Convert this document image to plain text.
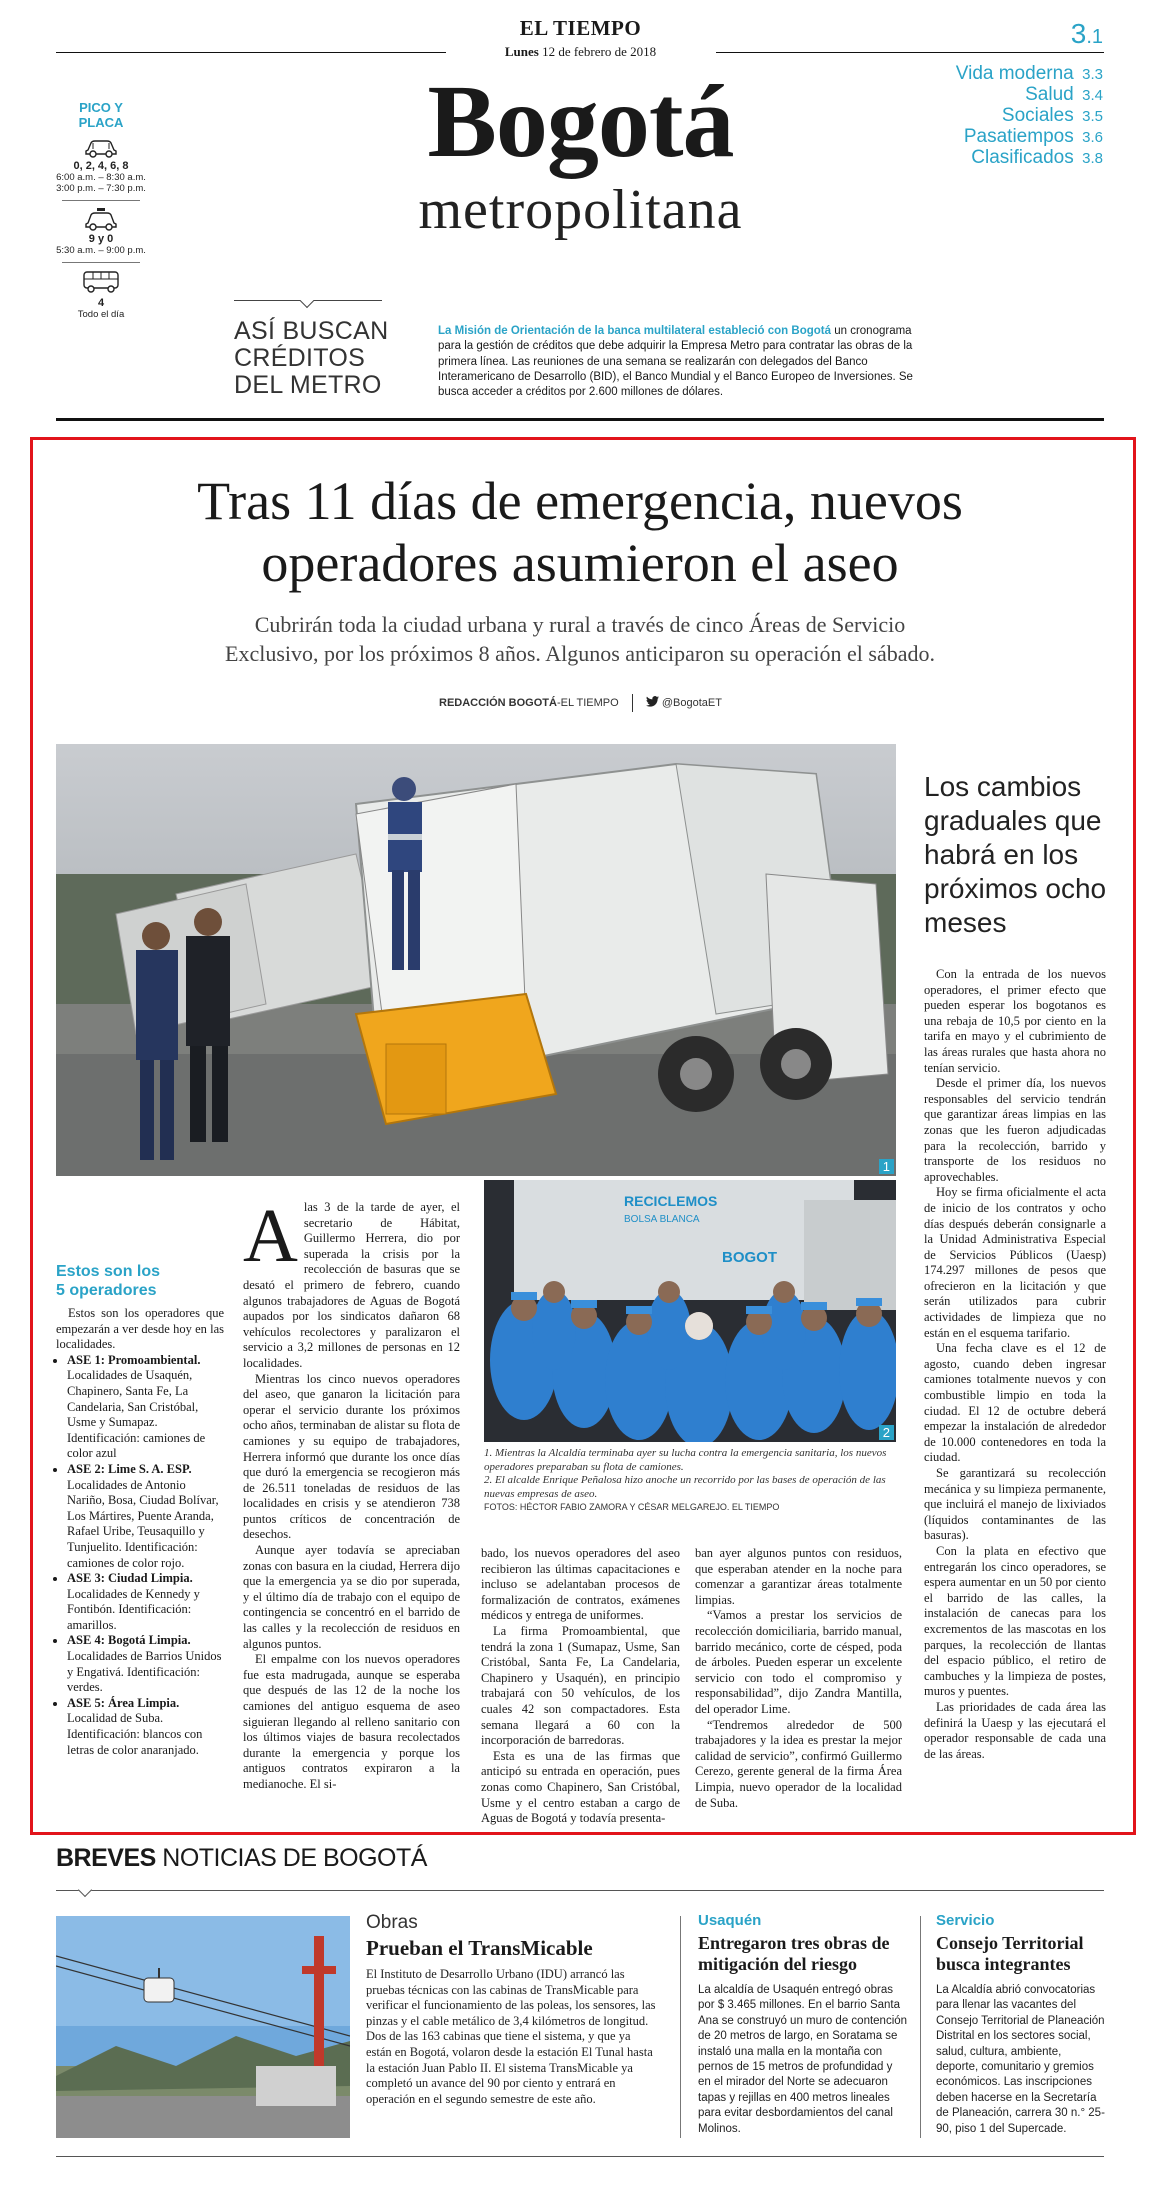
EL TIEMPO
Lunes 12 de febrero de 2018
3.1
Bogotá
metropolitana
Vida moderna 3.3
Salud 3.4
Sociales 3.5
Pasatiempos 3.6
Clasificados 3.8
PICO Y PLACA
0, 2, 4, 6, 8
6:00 a.m. – 8:30 a.m.
3:00 p.m. – 7:30 p.m.
9 y 0
5:30 a.m. – 9:00 p.m.
4
Todo el día
ASÍ BUSCAN
CRÉDITOS
DEL METRO
La Misión de Orientación de la banca multilateral estableció con Bogotá un cronograma para la gestión de créditos que debe adquirir la Empresa Metro para contratar las obras de la primera línea. Las reuniones de una semana se realizarán con delegados del Banco Interamericano de Desarrollo (BID), el Banco Mundial y el Banco Europeo de Inversiones. Se busca acceder a créditos por 2.600 millones de dólares.
Tras 11 días de emergencia, nuevos
operadores asumieron el aseo
Cubrirán toda la ciudad urbana y rural a través de cinco Áreas de Servicio
Exclusivo, por los próximos 8 años. Algunos anticiparon su operación el sábado.
REDACCIÓN BOGOTÁ-EL TIEMPO	@BogotaET
1
RECICLEMOS
BOLSA BLANCA
BOGOT
2
1. Mientras la Alcaldía terminaba ayer su lucha contra la emergencia sanitaria, los nuevos operadores preparaban su flota de camiones.
2. El alcalde Enrique Peñalosa hizo anoche un recorrido por las bases de operación de las nuevas empresas de aseo.
FOTOS: HÉCTOR FABIO ZAMORA Y CÉSAR MELGAREJO. EL TIEMPO
Los cambios graduales que habrá en los próximos ocho meses

Con la entrada de los nuevos operadores, el primer efecto que pueden esperar los bogotanos es una rebaja de 10,5 por ciento en la tarifa en mayo y el cubrimiento de las áreas rurales que hasta ahora no tenían servicio.

Desde el primer día, los nuevos responsables del servicio tendrán que garantizar áreas limpias en las zonas que les fueron adjudicadas para la recolección, barrido y transporte de los residuos no aprovechables.

Hoy se firma oficialmente el acta de inicio de los contratos y ocho días después deberán consignarle a la Unidad Administrativa Especial de Servicios Públicos (Uaesp) 174.297 millones de pesos que ofrecieron en la licitación y que serán utilizados para cubrir actividades de limpieza que no están en el esquema tarifario.

Una fecha clave es el 12 de agosto, cuando deben ingresar camiones totalmente nuevos y con combustible limpio en toda la ciudad. El 12 de octubre deberá empezar la instalación de alrededor de 10.000 contenedores en toda la ciudad.

Se garantizará su recolección mecánica y su limpieza permanente, que incluirá el manejo de lixiviados (líquidos contaminantes de las basuras).

Con la plata en efectivo que entregarán los cinco operadores, se espera aumentar en un 50 por ciento el barrido de las calles, la instalación de canecas para los excrementos de las mascotas en los parques, la recolección de llantas del espacio público, el retiro de cambuches y la limpieza de postes, muros y puentes.

Las prioridades de cada área las definirá la Uaesp y las ejecutará el operador responsable de cada una de las áreas.

Estos son los
5 operadores

Estos son los operadores que empezarán a ver desde hoy en las localidades.

• ASE 1: Promoambiental. Localidades de Usaquén, Chapinero, Santa Fe, La Candelaria, San Cristóbal, Usme y Sumapaz. Identificación: camiones de color azul
• ASE 2: Lime S. A. ESP. Localidades de Antonio Nariño, Bosa, Ciudad Bolívar, Los Mártires, Puente Aranda, Rafael Uribe, Teusaquillo y Tunjuelito. Identificación: camiones de color rojo.
• ASE 3: Ciudad Limpia. Localidades de Kennedy y Fontibón. Identificación: amarillos.
• ASE 4: Bogotá Limpia. Localidades de Barrios Unidos y Engativá. Identificación: verdes.
• ASE 5: Área Limpia. Localidad de Suba. Identificación: blancos con letras de color anaranjado.
A las 3 de la tarde de ayer, el secretario de Hábitat, Guillermo Herrera, dio por superada la crisis por la recolección de basuras que se desató el primero de febrero, cuando algunos trabajadores de Aguas de Bogotá aupados por los sindicatos dañaron 68 vehículos recolectores y paralizaron el servicio a 3,2 millones de personas en 12 localidades.

Mientras los cinco nuevos operadores del aseo, que ganaron la licitación para operar el servicio durante los próximos ocho años, terminaban de alistar su flota de camiones y su equipo de trabajadores, Herrera informó que durante los once días que duró la emergencia se recogieron más de 26.511 toneladas de residuos de las localidades en crisis y se atendieron 738 puntos críticos de concentración de desechos.

Aunque ayer todavía se apreciaban zonas con basura en la ciudad, Herrera dijo que la emergencia ya se dio por superada, y el último día de trabajo con el equipo de contingencia se concentró en el barrido de las calles y la recolección de residuos en algunos puntos.

El empalme con los nuevos operadores fue esta madrugada, aunque se esperaba que después de las 12 de la noche los camiones del antiguo esquema de aseo siguieran llegando al relleno sanitario con los últimos viajes de basura recolectados durante la emergencia y porque los antiguos contratos expiraron a la medianoche. El si-

bado, los nuevos operadores del aseo recibieron las últimas capacitaciones e incluso se adelantaban procesos de formalización de contratos, exámenes médicos y entrega de uniformes.

La firma Promoambiental, que tendrá la zona 1 (Sumapaz, Usme, San Cristóbal, Santa Fe, La Candelaria, Chapinero y Usaquén), en principio trabajará con 50 vehículos, de los cuales 42 son compactadores. Esta semana llegará a 60 con la incorporación de barredoras.

Esta es una de las firmas que anticipó su entrada en operación, pues zonas como Chapinero, San Cristóbal, Usme y el centro estaban a cargo de Aguas de Bogotá y todavía presenta-

ban ayer algunos puntos con residuos, que esperaban atender en la noche para comenzar a garantizar áreas totalmente limpias.

“Vamos a prestar los servicios de recolección domiciliaria, barrido manual, barrido mecánico, corte de césped, poda de árboles. Pueden esperar un excelente servicio con todo el compromiso y responsabilidad”, dijo Zandra Mantilla, del operador Lime.

“Tendremos alrededor de 500 trabajadores y la idea es prestar la mejor calidad de servicio”, confirmó Guillermo Cerezo, gerente general de la firma Área Limpia, nuevo operador de la localidad de Suba.

BREVES NOTICIAS DE BOGOTÁ
Obras
Prueban el TransMicable
El Instituto de Desarrollo Urbano (IDU) arrancó las pruebas técnicas con las cabinas de TransMicable para verificar el funcionamiento de las poleas, los sensores, las pinzas y el cable metálico de 3,4 kilómetros de longitud. Dos de las 163 cabinas que tiene el sistema, y que ya están en Bogotá, volaron desde la estación El Tunal hasta la estación Juan Pablo II. El sistema TransMicable ya completó un avance del 90 por ciento y entrará en operación en el segundo semestre de este año.
Usaquén
Entregaron tres obras de mitigación del riesgo
La alcaldía de Usaquén entregó obras por $ 3.465 millones. En el barrio Santa Ana se construyó un muro de contención de 20 metros de largo, en Soratama se instaló una malla en la montaña con pernos de 15 metros de profundidad y en el mirador del Norte se adecuaron tapas y rejillas en 400 metros lineales para evitar desbordamientos del canal Molinos.
Servicio
Consejo Territorial busca integrantes
La Alcaldía abrió convocatorias para llenar las vacantes del Consejo Territorial de Planeación Distrital en los sectores social, salud, cultura, ambiente, deporte, comunitario y gremios económicos. Las inscripciones deben hacerse en la Secretaría de Planeación, carrera 30 n.° 25-90, piso 1 del Supercade.
